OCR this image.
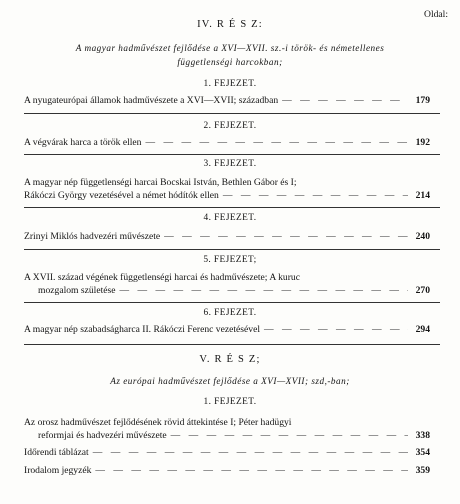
Oldal:
IV. R É S Z:
A magyar hadművészet fejlődése a XVI—XVII. sz.-i török- és németellenes
függetlenségi harcokban;
1. FEJEZET.
A nyugateurópai államok hadművészete a XVI—XVII; században — — —	179
2. FEJEZET.
A végvárak harca a török ellen — — —	192
3. FEJEZET.
A magyar nép függetlenségi harcai Bocskai István, Bethlen Gábor és I;
Rákóczi György vezetésével a német hódítók ellen — — —	214
4. FEJEZET.
Zrinyi Miklós hadvezéri művészete — — —	240
5. FEJEZET;
A XVII. század végének függetlenségi harcai és hadművészete; A kuruc
mozgalom születése — — —	270
6. FEJEZET.
A magyar nép szabadságharca II. Rákóczi Ferenc vezetésével — — —	294
V. R É S Z;
Az európai hadművészet fejlődése a XVI—XVII; szd,-ban;
1. FEJEZET.
Az orosz hadművészet fejlődésének rövid áttekintése I; Péter hadügyi
reformjai és hadvezéri művészete — — —	338
Időrendi táblázat — — —	354
Irodalom jegyzék — — —	359
